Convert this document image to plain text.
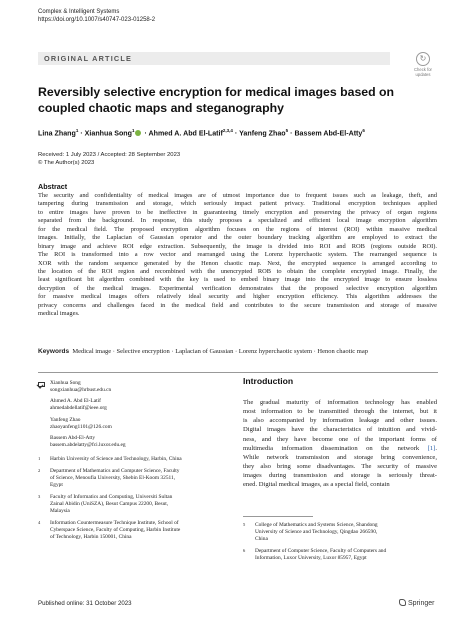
Complex & Intelligent Systems
https://doi.org/10.1007/s40747-023-01258-2
ORIGINAL ARTICLE	↻
Check for updates
Reversibly selective encryption for medical images based on coupled chaotic maps and steganography
Lina Zhang$^1$ · Xianhua Song$^1$ · Ahmed A. Abd El-Latif$^{2,3,4}$ · Yanfeng Zhao$^5$ · Bassem Abd-El-Atty$^6$
Received: 1 July 2023 / Accepted: 28 September 2023
© The Author(s) 2023
Abstract
The security and confidentiality of medical images are of utmost importance due to frequent issues such as leakage, theft, and
tampering during transmission and storage, which seriously impact patient privacy. Traditional encryption techniques applied
to entire images have proven to be ineffective in guaranteeing timely encryption and preserving the privacy of organ regions
separated from the background. In response, this study proposes a specialized and efficient local image encryption algorithm
for the medical field. The proposed encryption algorithm focuses on the regions of interest (ROI) within massive medical
images. Initially, the Laplacian of Gaussian operator and the outer boundary tracking algorithm are employed to extract the
binary image and achieve ROI edge extraction. Subsequently, the image is divided into ROI and ROB (regions outside ROI).
The ROI is transformed into a row vector and rearranged using the Lorenz hyperchaotic system. The rearranged sequence is
XOR with the random sequence generated by the Henon chaotic map. Next, the encrypted sequence is arranged according to
the location of the ROI region and recombined with the unencrypted ROB to obtain the complete encrypted image. Finally, the
least significant bit algorithm combined with the key is used to embed binary image into the encrypted image to ensure lossless
decryption of the medical images. Experimental verification demonstrates that the proposed selective encryption algorithm
for massive medical images offers relatively ideal security and higher encryption efficiency. This algorithm addresses the
privacy concerns and challenges faced in the medical field and contributes to the secure transmission and storage of massive
medical images.
Keywords Medical image · Selective encryption · Laplacian of Gaussian · Lorenz hyperchaotic system · Henon chaotic map
Xianhua Song
songxianhua@hrbust.edu.cn
Ahmed A. Abd El-Latif
ahmedabdellatif@ieee.org
Yanfeng Zhao
zhaoyanfeng1101@126.com
Bassem Abd-El-Atty
bassem.abdelatty@fci.luxor.edu.eg
1	Harbin University of Science and Technology, Harbin, China
2	Department of Mathematics and Computer Science, Faculty
of Science, Menoufia University, Shebin El-Koom 32511,
Egypt
3	Faculty of Informatics and Computing, Universiti Sultan
Zainal Abidin (UniSZA), Besut Campus 22200, Besut,
Malaysia
4	Information Countermeasure Technique Institute, School of
Cyberspace Science, Faculty of Computing, Harbin Institute
of Technology, Harbin 150001, China
Introduction

The gradual maturity of information technology has enabled

most information to be transmitted through the internet, but it

is also accompanied by information leakage and other issues.

Digital images have the characteristics of intuition and vivid-

ness, and they have become one of the important forms of

multimedia information dissemination on the network [1].

While network transmission and storage bring convenience,

they also bring some disadvantages. The security of massive

images during transmission and storage is seriously threat-

ened. Digital medical images, as a special field, contain

5	College of Mathematics and Systems Science, Shandong
University of Science and Technology, Qingdao 266590,
China
6	Department of Computer Science, Faculty of Computers and
Information, Luxor University, Luxor 85957, Egypt
Published online: 31 October 2023	Springer
